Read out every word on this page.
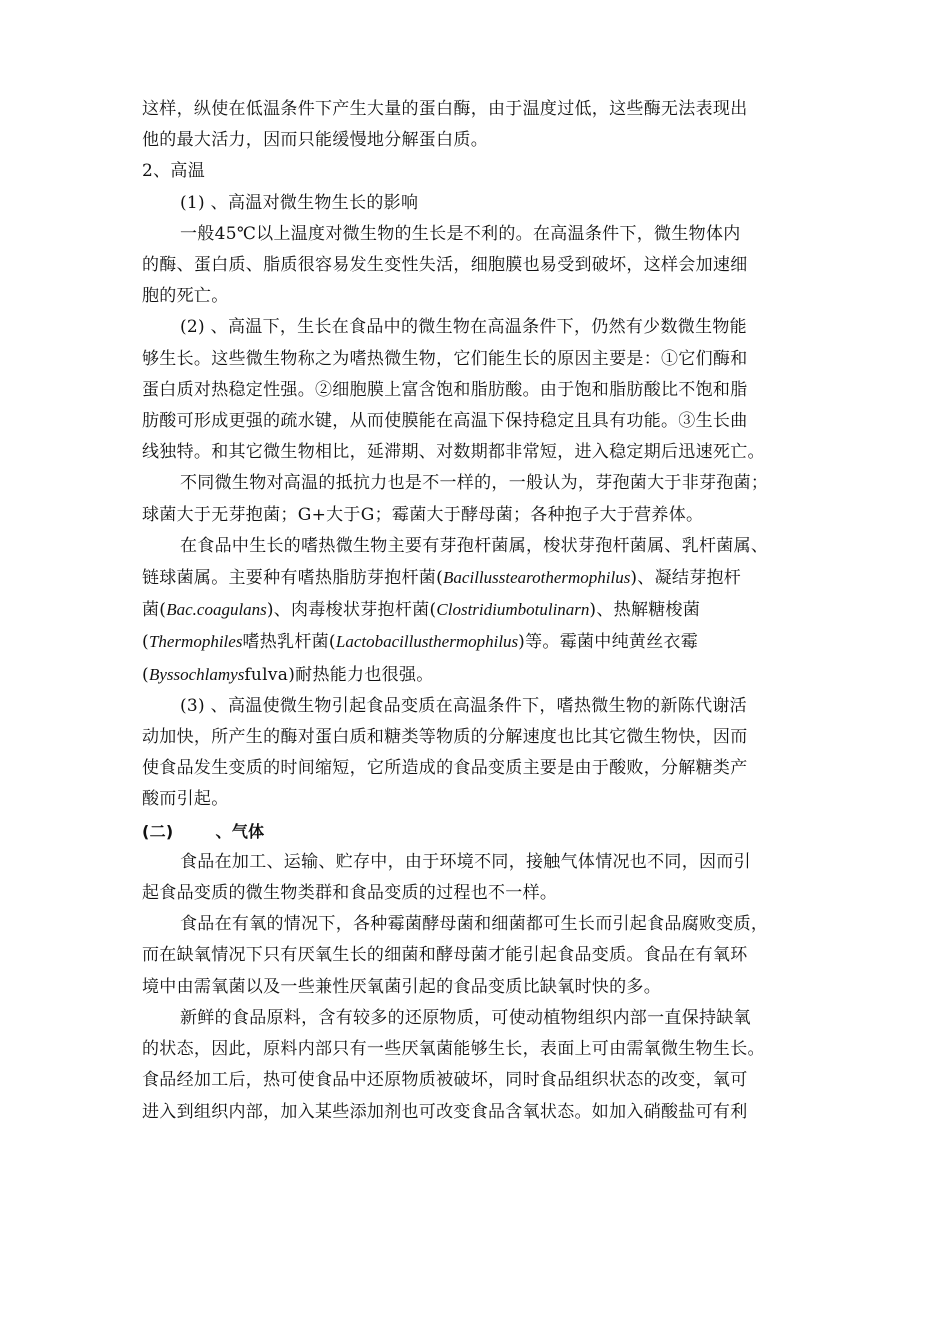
这样，纵使在低温条件下产生大量的蛋白酶，由于温度过低，这些酶无法表现出
他的最大活力，因而只能缓慢地分解蛋白质。
2、高温
(1) 、高温对微生物生长的影响
一般45℃以上温度对微生物的生长是不利的。在高温条件下，微生物体内
的酶、蛋白质、脂质很容易发生变性失活，细胞膜也易受到破坏，这样会加速细
胞的死亡。
(2) 、高温下，生长在食品中的微生物在高温条件下，仍然有少数微生物能
够生长。这些微生物称之为嗜热微生物，它们能生长的原因主要是：①它们酶和
蛋白质对热稳定性强。②细胞膜上富含饱和脂肪酸。由于饱和脂肪酸比不饱和脂
肪酸可形成更强的疏水键，从而使膜能在高温下保持稳定且具有功能。③生长曲
线独特。和其它微生物相比，延滞期、对数期都非常短，进入稳定期后迅速死亡。
不同微生物对高温的抵抗力也是不一样的，一般认为，芽孢菌大于非芽孢菌；
球菌大于无芽抱菌；G+大于G；霉菌大于酵母菌；各种抱子大于营养体。
在食品中生长的嗜热微生物主要有芽孢杆菌属，梭状芽孢杆菌属、乳杆菌属、
链球菌属。主要种有嗜热脂肪芽抱杆菌(Bacillusstearothermophilus)、凝结芽抱杆
菌(Bac.coagulans)、肉毒梭状芽抱杆菌(Clostridiumbotulinarn)、热解糖梭菌
(Thermophiles嗜热乳杆菌(Lactobacillusthermophilus)等。霉菌中纯黄丝衣霉
(Byssochlamysfulva)耐热能力也很强。
(3) 、高温使微生物引起食品变质在高温条件下，嗜热微生物的新陈代谢活
动加快，所产生的酶对蛋白质和糖类等物质的分解速度也比其它微生物快，因而
使食品发生变质的时间缩短，它所造成的食品变质主要是由于酸败，分解糖类产
酸而引起。
(二)	、气体
食品在加工、运输、贮存中，由于环境不同，接触气体情况也不同，因而引
起食品变质的微生物类群和食品变质的过程也不一样。
食品在有氧的情况下，各种霉菌酵母菌和细菌都可生长而引起食品腐败变质，
而在缺氧情况下只有厌氧生长的细菌和酵母菌才能引起食品变质。食品在有氧环
境中由需氧菌以及一些兼性厌氧菌引起的食品变质比缺氧时快的多。
新鲜的食品原料，含有较多的还原物质，可使动植物组织内部一直保持缺氧
的状态，因此，原料内部只有一些厌氧菌能够生长，表面上可由需氧微生物生长。
食品经加工后，热可使食品中还原物质被破坏，同时食品组织状态的改变，氧可
进入到组织内部，加入某些添加剂也可改变食品含氧状态。如加入硝酸盐可有利
